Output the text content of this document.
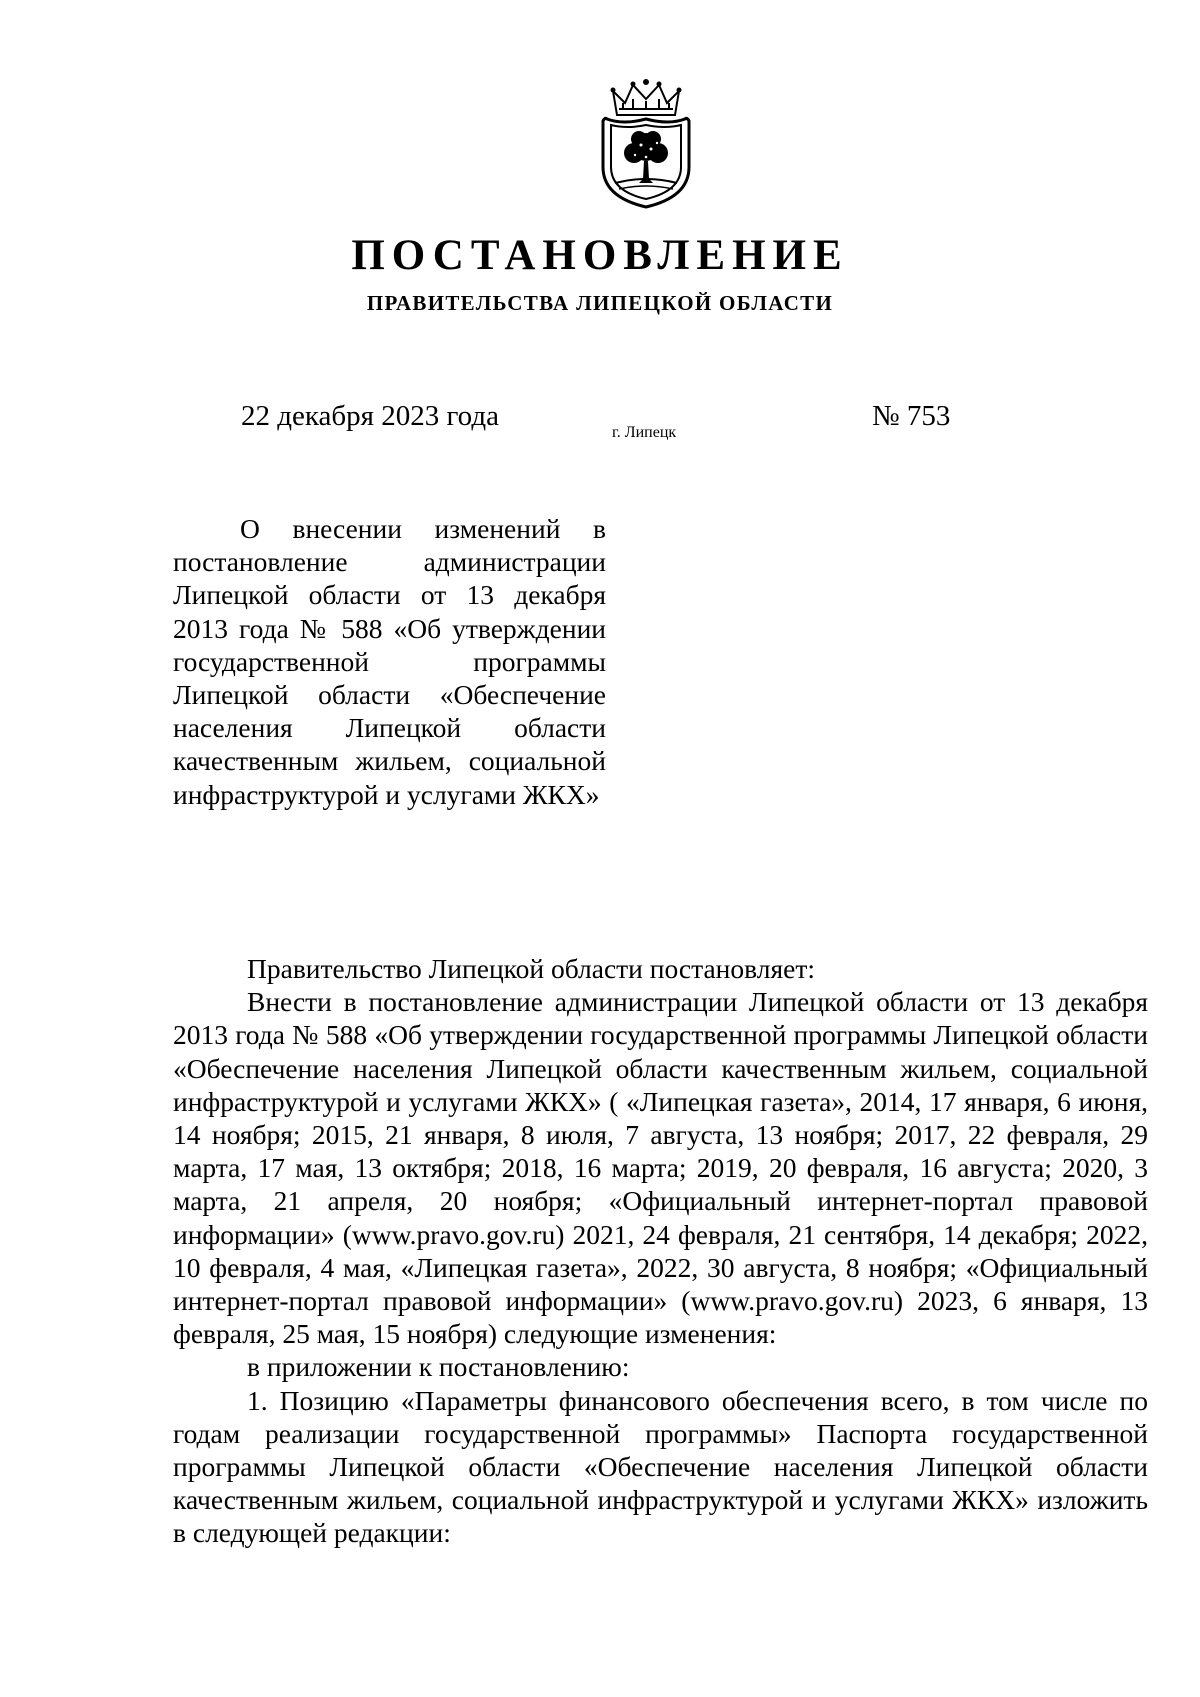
ПОСТАНОВЛЕНИЕ
ПРАВИТЕЛЬСТВА ЛИПЕЦКОЙ ОБЛАСТИ
22 декабря 2023 года
г. Липецк
№ 753

О внесении изменений в постановление администрации Липецкой области от 13 декабря 2013 года № 588 «Об утверждении государственной программы Липецкой области «Обеспечение населения Липецкой области качественным жильем, социальной инфраструктурой и услугами ЖКХ»

Правительство Липецкой области постановляет:

Внести в постановление администрации Липецкой области от 13 декабря 2013 года № 588 «Об утверждении государственной программы Липецкой области «Обеспечение населения Липецкой области качественным жильем, социальной инфраструктурой и услугами ЖКХ» ( «Липецкая газета», 2014, 17 января, 6 июня, 14 ноября; 2015, 21 января, 8 июля, 7 августа, 13 ноября; 2017, 22 февраля, 29 марта, 17 мая, 13 октября; 2018, 16 марта; 2019, 20 февраля, 16 августа; 2020, 3 марта, 21 апреля, 20 ноября; «Официальный интернет-портал правовой информации» (www.pravo.gov.ru) 2021, 24 февраля, 21 сентября, 14 декабря; 2022, 10 февраля, 4 мая, «Липецкая газета», 2022, 30 августа, 8 ноября; «Официальный интернет-портал правовой информации» (www.pravo.gov.ru) 2023, 6 января, 13 февраля, 25 мая, 15 ноября) следующие изменения:

в приложении к постановлению:

1. Позицию «Параметры финансового обеспечения всего, в том числе по годам реализации государственной программы» Паспорта государственной программы Липецкой области «Обеспечение населения Липецкой области качественным жильем, социальной инфраструктурой и услугами ЖКХ» изложить в следующей редакции:
